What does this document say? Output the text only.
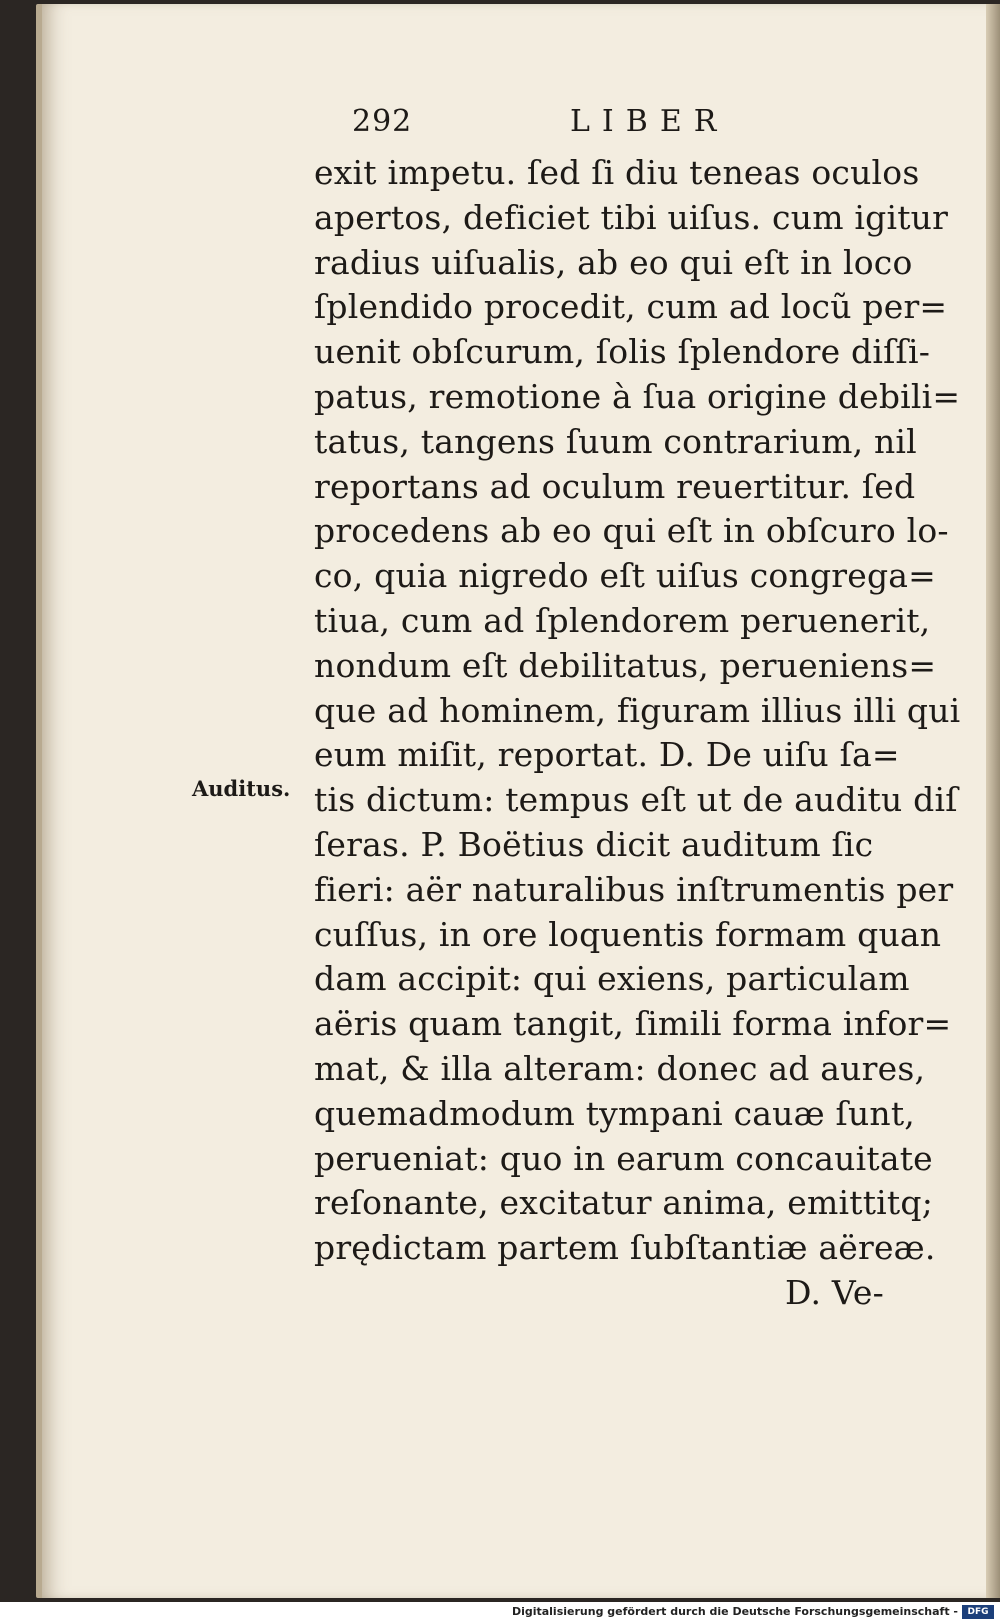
292	LIBER
Auditus.
exit impetu. ſed ſi diu teneas oculos
apertos, deficiet tibi uiſus. cum igitur
radius uiſualis, ab eo qui eſt in loco
ſplendido procedit, cum ad locũ per=
uenit obſcurum, ſolis ſplendore diſſi-
patus, remotione à ſua origine debili=
tatus, tangens ſuum contrarium, nil
reportans ad oculum reuertitur. ſed
procedens ab eo qui eſt in obſcuro lo-
co, quia nigredo eſt uiſus congrega=
tiua, cum ad ſplendorem peruenerit,
nondum eſt debilitatus, perueniens=
que ad hominem, figuram illius illi qui
eum miſit, reportat. D. De uiſu ſa=
tis dictum: tempus eſt ut de auditu diſ
ſeras. P. Boëtius dicit auditum ſic
fieri: aër naturalibus inſtrumentis per
cuſſus, in ore loquentis formam quan
dam accipit: qui exiens, particulam
aëris quam tangit, ſimili forma infor=
mat, & illa alteram: donec ad aures,
quemadmodum tympani cauæ ſunt,
perueniat: quo in earum concauitate
reſonante, excitatur anima, emittitq;
prędictam partem ſubſtantiæ aëreæ.
D. Ve-
Digitalisierung gefördert durch die Deutsche Forschungsgemeinschaft -	DFG
